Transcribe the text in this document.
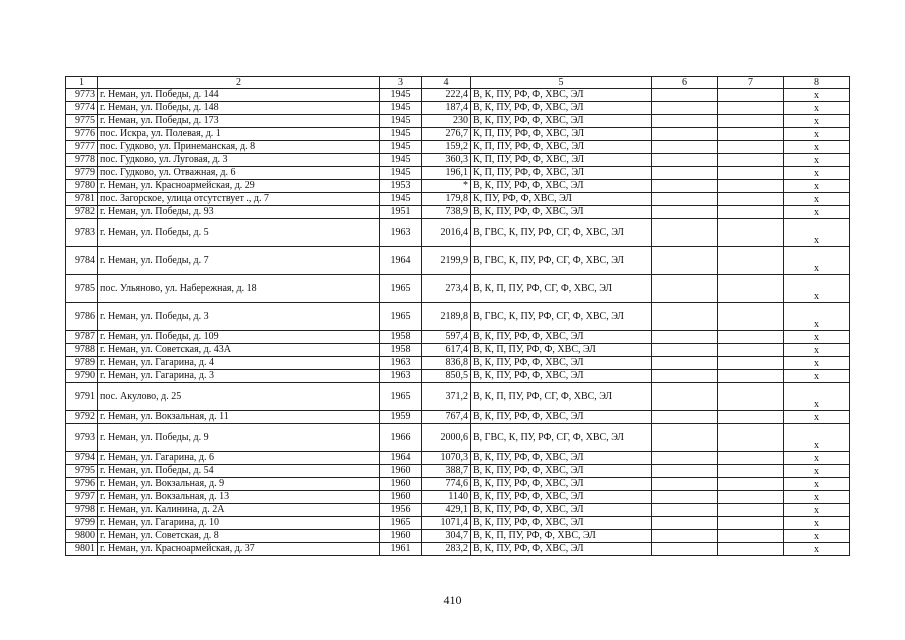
1	2	3	4	5	6	7	8
9773	г. Неман, ул. Победы, д. 144	1945	222,4	В, К, ПУ, РФ, Ф, ХВС, ЭЛ			x
9774	г. Неман, ул. Победы, д. 148	1945	187,4	В, К, ПУ, РФ, Ф, ХВС, ЭЛ			x
9775	г. Неман, ул. Победы, д. 173	1945	230	В, К, ПУ, РФ, Ф, ХВС, ЭЛ			x
9776	пос. Искра, ул. Полевая, д. 1	1945	276,7	К, П, ПУ, РФ, Ф, ХВС, ЭЛ			x
9777	пос. Гудково, ул. Принеманская, д. 8	1945	159,2	К, П, ПУ, РФ, Ф, ХВС, ЭЛ			x
9778	пос. Гудково, ул. Луговая, д. 3	1945	360,3	К, П, ПУ, РФ, Ф, ХВС, ЭЛ			x
9779	пос. Гудково, ул. Отважная, д. 6	1945	196,1	К, П, ПУ, РФ, Ф, ХВС, ЭЛ			x
9780	г. Неман, ул. Красноармейская, д. 29	1953	*	В, К, ПУ, РФ, Ф, ХВС, ЭЛ			x
9781	пос. Загорское, улица отсутствует ., д. 7	1945	179,8	К, ПУ, РФ, Ф, ХВС, ЭЛ			x
9782	г. Неман, ул. Победы, д. 93	1951	738,9	В, К, ПУ, РФ, Ф, ХВС, ЭЛ			x
9783	г. Неман, ул. Победы, д. 5	1963	2016,4	В, ГВС, К, ПУ, РФ, СГ, Ф, ХВС, ЭЛ			x
9784	г. Неман, ул. Победы, д. 7	1964	2199,9	В, ГВС, К, ПУ, РФ, СГ, Ф, ХВС, ЭЛ			x
9785	пос. Ульяново, ул. Набережная, д. 18	1965	273,4	В, К, П, ПУ, РФ, СГ, Ф, ХВС, ЭЛ			x
9786	г. Неман, ул. Победы, д. 3	1965	2189,8	В, ГВС, К, ПУ, РФ, СГ, Ф, ХВС, ЭЛ			x
9787	г. Неман, ул. Победы, д. 109	1958	597,4	В, К, ПУ, РФ, Ф, ХВС, ЭЛ			x
9788	г. Неман, ул. Советская, д. 43А	1958	617,4	В, К, П, ПУ, РФ, Ф, ХВС, ЭЛ			x
9789	г. Неман, ул. Гагарина, д. 4	1963	836,8	В, К, ПУ, РФ, Ф, ХВС, ЭЛ			x
9790	г. Неман, ул. Гагарина, д. 3	1963	850,5	В, К, ПУ, РФ, Ф, ХВС, ЭЛ			x
9791	пос. Акулово, д. 25	1965	371,2	В, К, П, ПУ, РФ, СГ, Ф, ХВС, ЭЛ			x
9792	г. Неман, ул. Вокзальная, д. 11	1959	767,4	В, К, ПУ, РФ, Ф, ХВС, ЭЛ			x
9793	г. Неман, ул. Победы, д. 9	1966	2000,6	В, ГВС, К, ПУ, РФ, СГ, Ф, ХВС, ЭЛ			x
9794	г. Неман, ул. Гагарина, д. 6	1964	1070,3	В, К, ПУ, РФ, Ф, ХВС, ЭЛ			x
9795	г. Неман, ул. Победы, д. 54	1960	388,7	В, К, ПУ, РФ, Ф, ХВС, ЭЛ			x
9796	г. Неман, ул. Вокзальная, д. 9	1960	774,6	В, К, ПУ, РФ, Ф, ХВС, ЭЛ			x
9797	г. Неман, ул. Вокзальная, д. 13	1960	1140	В, К, ПУ, РФ, Ф, ХВС, ЭЛ			x
9798	г. Неман, ул. Калинина, д. 2А	1956	429,1	В, К, ПУ, РФ, Ф, ХВС, ЭЛ			x
9799	г. Неман, ул. Гагарина, д. 10	1965	1071,4	В, К, ПУ, РФ, Ф, ХВС, ЭЛ			x
9800	г. Неман, ул. Советская, д. 8	1960	304,7	В, К, П, ПУ, РФ, Ф, ХВС, ЭЛ			x
9801	г. Неман, ул. Красноармейская, д. 37	1961	283,2	В, К, ПУ, РФ, Ф, ХВС, ЭЛ			x
410
